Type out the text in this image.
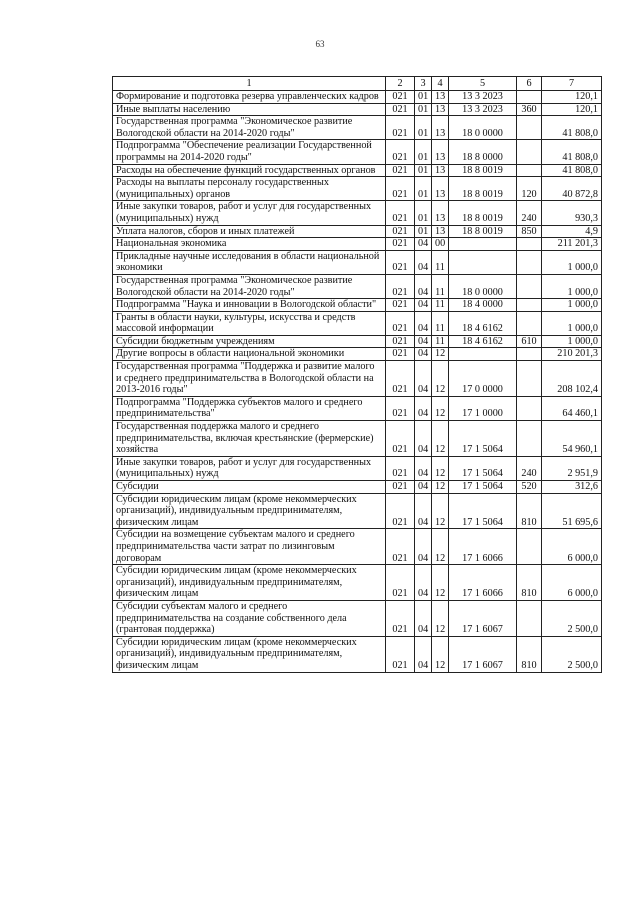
63
1	2	3	4	5	6	7
Формирование и подготовка резерва управленческих кадров	021	01	13	13 3 2023		120,1
Иные выплаты населению	021	01	13	13 3 2023	360	120,1
Государственная программа "Экономическое развитие Вологодской области на 2014-2020 годы"	021	01	13	18 0 0000		41 808,0
Подпрограмма "Обеспечение реализации Государственной программы на 2014-2020 годы"	021	01	13	18 8 0000		41 808,0
Расходы на обеспечение функций государственных органов	021	01	13	18 8 0019		41 808,0
Расходы на выплаты персоналу государственных (муниципальных) органов	021	01	13	18 8 0019	120	40 872,8
Иные закупки товаров, работ и услуг для государственных (муниципальных) нужд	021	01	13	18 8 0019	240	930,3
Уплата налогов, сборов и иных платежей	021	01	13	18 8 0019	850	4,9
Национальная экономика	021	04	00			211 201,3
Прикладные научные исследования в области национальной экономики	021	04	11			1 000,0
Государственная программа "Экономическое развитие Вологодской области на 2014-2020 годы"	021	04	11	18 0 0000		1 000,0
Подпрограмма "Наука и инновации в Вологодской области"	021	04	11	18 4 0000		1 000,0
Гранты в области науки, культуры, искусства и средств массовой информации	021	04	11	18 4 6162		1 000,0
Субсидии бюджетным учреждениям	021	04	11	18 4 6162	610	1 000,0
Другие вопросы в области национальной экономики	021	04	12			210 201,3
Государственная программа "Поддержка и развитие малого и среднего предпринимательства в Вологодской области на 2013-2016 годы"	021	04	12	17 0 0000		208 102,4
Подпрограмма "Поддержка субъектов малого и среднего предпринимательства"	021	04	12	17 1 0000		64 460,1
Государственная поддержка малого и среднего предпринимательства, включая крестьянские (фермерские) хозяйства	021	04	12	17 1 5064		54 960,1
Иные закупки товаров, работ и услуг для государственных (муниципальных) нужд	021	04	12	17 1 5064	240	2 951,9
Субсидии	021	04	12	17 1 5064	520	312,6
Субсидии юридическим лицам (кроме некоммерческих организаций), индивидуальным предпринимателям, физическим лицам	021	04	12	17 1 5064	810	51 695,6
Субсидии на возмещение субъектам малого и среднего предпринимательства части затрат по лизинговым договорам	021	04	12	17 1 6066		6 000,0
Субсидии юридическим лицам (кроме некоммерческих организаций), индивидуальным предпринимателям, физическим лицам	021	04	12	17 1 6066	810	6 000,0
Субсидии субъектам малого и среднего предпринимательства на создание собственного дела (грантовая поддержка)	021	04	12	17 1 6067		2 500,0
Субсидии юридическим лицам (кроме некоммерческих организаций), индивидуальным предпринимателям, физическим лицам	021	04	12	17 1 6067	810	2 500,0
